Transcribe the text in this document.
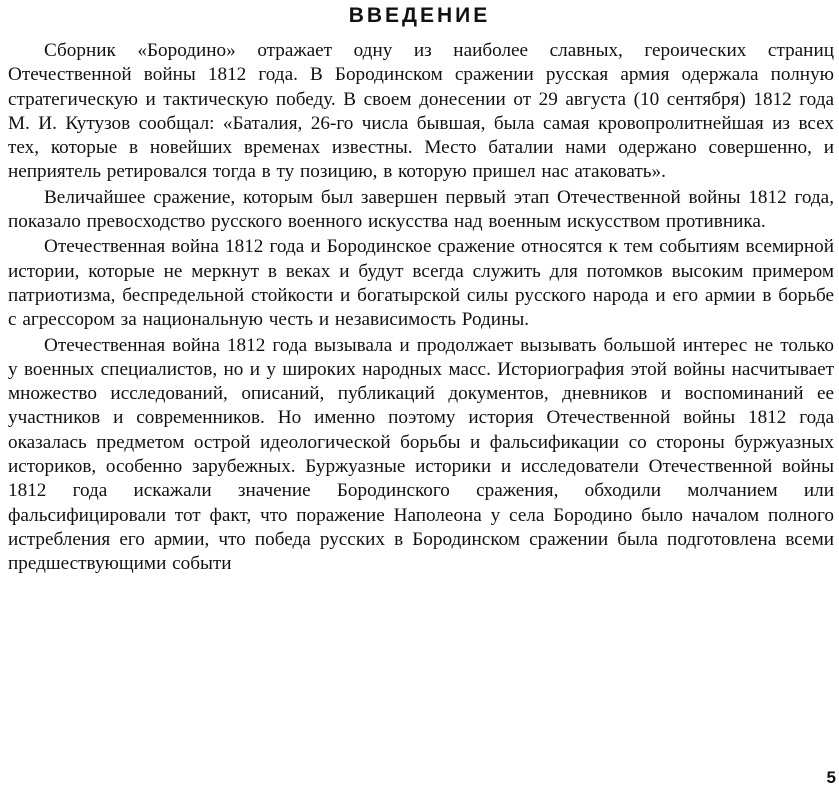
ВВЕДЕНИЕ

Сборник «Бородино» отражает одну из наиболее славных, героических страниц Отечественной войны 1812 года. В Бородинском сражении русская армия одержала полную стратегическую и тактическую победу. В своем донесении от 29 августа (10 сентября) 1812 года М. И. Кутузов сообщал: «Баталия, 26-го числа бывшая, была самая кровопролитнейшая из всех тех, которые в новейших временах известны. Место баталии нами одержано совершенно, и неприятель ретировался тогда в ту позицию, в которую пришел нас атаковать».

Величайшее сражение, которым был завершен первый этап Отечественной войны 1812 года, показало превосходство русского военного искусства над военным искусством противника.

Отечественная война 1812 года и Бородинское сражение относятся к тем событиям всемирной истории, которые не меркнут в веках и будут всегда служить для потомков высоким примером патриотизма, беспредельной стойкости и богатырской силы русского народа и его армии в борьбе с агрессором за национальную честь и независимость Родины.

Отечественная война 1812 года вызывала и продолжает вызывать большой интерес не только у военных специалистов, но и у широких народных масс. Историография этой войны насчитывает множество исследований, описаний, публикаций документов, дневников и воспоминаний ее участников и современников. Но именно поэтому история Отечественной войны 1812 года оказалась предметом острой идеологической борьбы и фальсификации со стороны буржуазных историков, особенно зарубежных. Буржуазные историки и исследователи Отечественной войны 1812 года искажали значение Бородинского сражения, обходили молчанием или фальсифицировали тот факт, что поражение Наполеона у села Бородино было началом полного истребления его армии, что победа русских в Бородинском сражении была подготовлена всеми предшествующими событи

5
